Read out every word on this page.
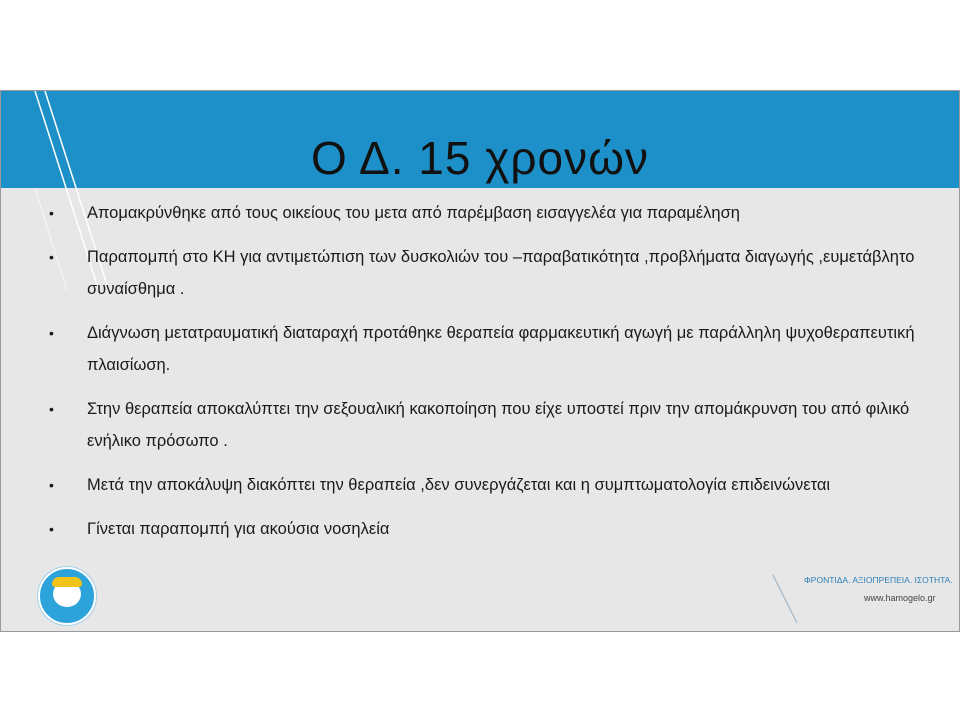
Ο Δ. 15 χρονών
• Απομακρύνθηκε από τους οικείους του μετα από παρέμβαση εισαγγελέα για παραμέληση
• Παραπομπή στο ΚΗ για αντιμετώπιση των δυσκολιών του –παραβατικότητα ,προβλήματα διαγωγής ,ευμετάβλητο συναίσθημα .
• Διάγνωση μετατραυματική διαταραχή προτάθηκε θεραπεία φαρμακευτική αγωγή με παράλληλη ψυχοθεραπευτική πλαισίωση.
• Στην θεραπεία αποκαλύπτει την σεξουαλική κακοποίηση που είχε υποστεί πριν την απομάκρυνση του από φιλικό ενήλικο πρόσωπο .
• Μετά την αποκάλυψη διακόπτει την θεραπεία ,δεν συνεργάζεται και η συμπτωματολογία επιδεινώνεται
• Γίνεται παραπομπή για ακούσια νοσηλεία
ΦΡΟΝΤΙΔΑ. ΑΞΙΟΠΡΕΠΕΙΑ. ΙΣΟΤΗΤΑ.
www.hamogelo.gr
